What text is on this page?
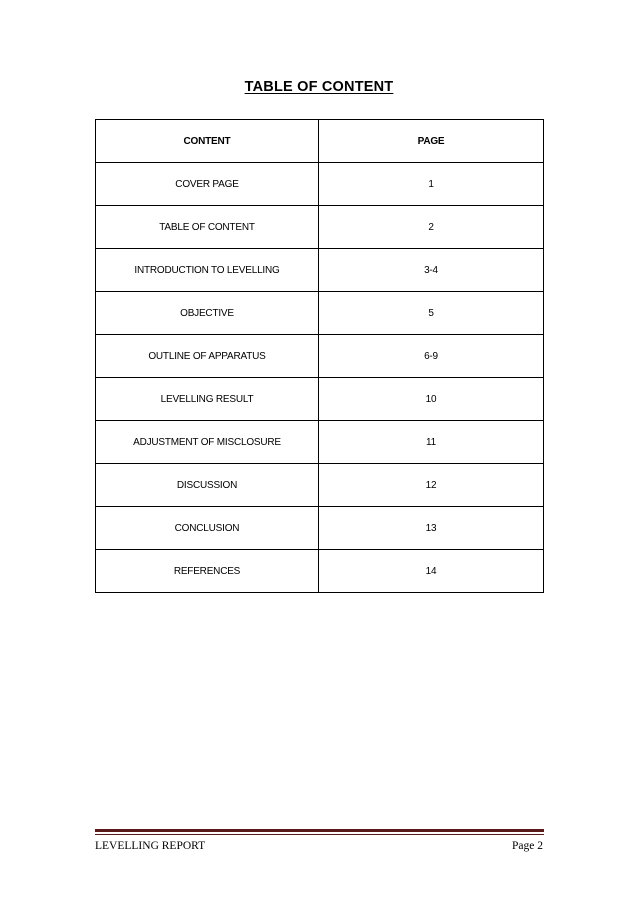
TABLE OF CONTENT
CONTENT	PAGE
COVER PAGE	1
TABLE OF CONTENT	2
INTRODUCTION TO LEVELLING	3-4
OBJECTIVE	5
OUTLINE OF APPARATUS	6-9
LEVELLING RESULT	10
ADJUSTMENT OF MISCLOSURE	11
DISCUSSION	12
CONCLUSION	13
REFERENCES	14
LEVELLING REPORT	Page 2
